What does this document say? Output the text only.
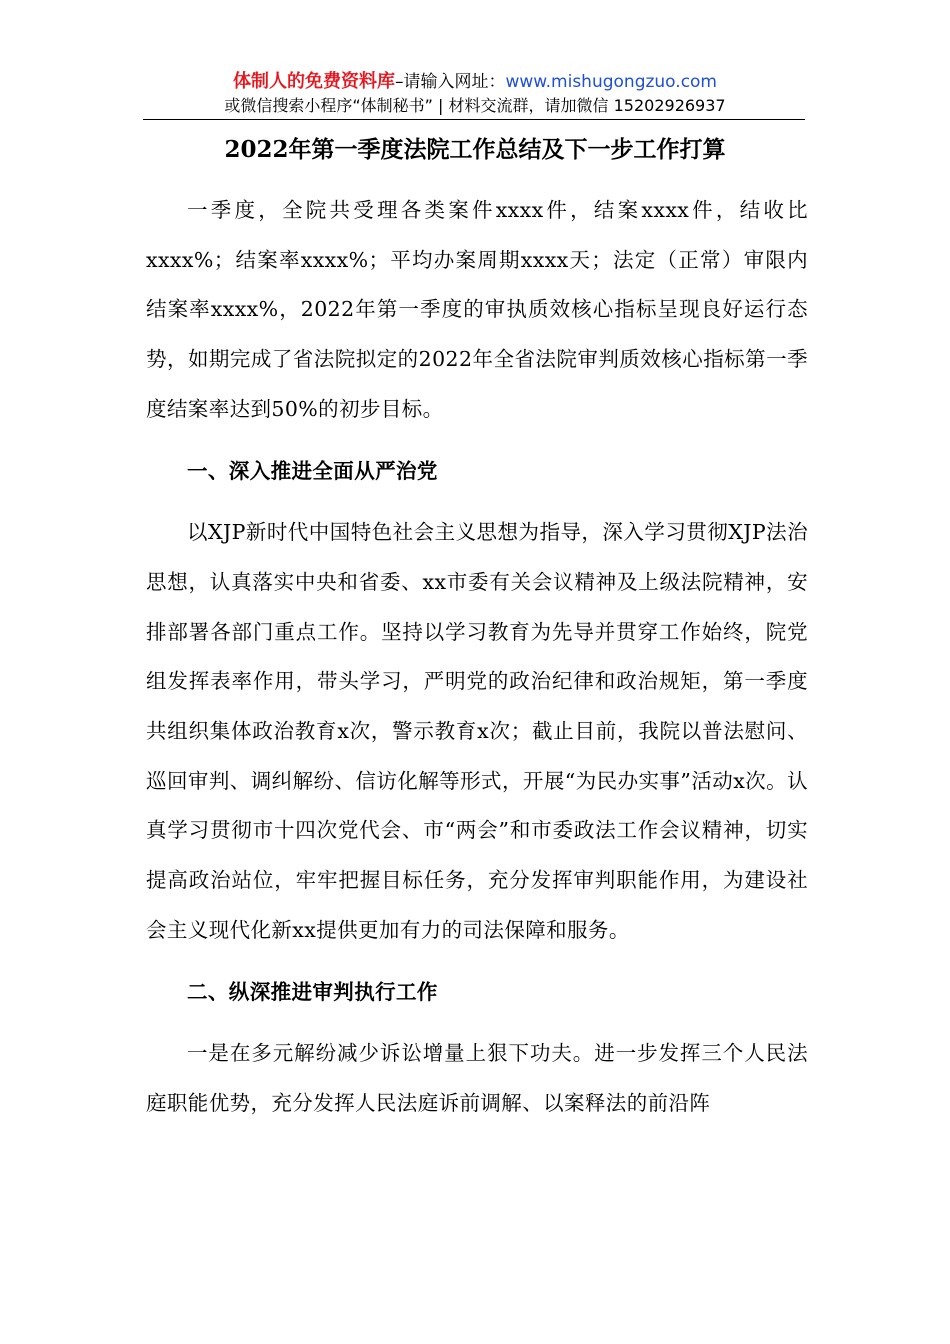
体制人的免费资料库–请输入网址：www.mishugongzuo.com
或微信搜索小程序“体制秘书” | 材料交流群，请加微信 15202926937
2022年第一季度法院工作总结及下一步工作打算

一季度，全院共受理各类案件xxxx件，结案xxxx件，结收比xxxx%；结案率xxxx%；平均办案周期xxxx天；法定（正常）审限内结案率xxxx%，2022年第一季度的审执质效核心指标呈现良好运行态势，如期完成了省法院拟定的2022年全省法院审判质效核心指标第一季度结案率达到50%的初步目标。

一、深入推进全面从严治党

以XJP新时代中国特色社会主义思想为指导，深入学习贯彻XJP法治思想，认真落实中央和省委、xx市委有关会议精神及上级法院精神，安排部署各部门重点工作。坚持以学习教育为先导并贯穿工作始终，院党组发挥表率作用，带头学习，严明党的政治纪律和政治规矩，第一季度共组织集体政治教育x次，警示教育x次；截止目前，我院以普法慰问、巡回审判、调纠解纷、信访化解等形式，开展“为民办实事”活动x次。认真学习贯彻市十四次党代会、市“两会”和市委政法工作会议精神，切实提高政治站位，牢牢把握目标任务，充分发挥审判职能作用，为建设社会主义现代化新xx提供更加有力的司法保障和服务。

二、纵深推进审判执行工作

一是在多元解纷减少诉讼增量上狠下功夫。进一步发挥三个人民法庭职能优势，充分发挥人民法庭诉前调解、以案释法的前沿阵
